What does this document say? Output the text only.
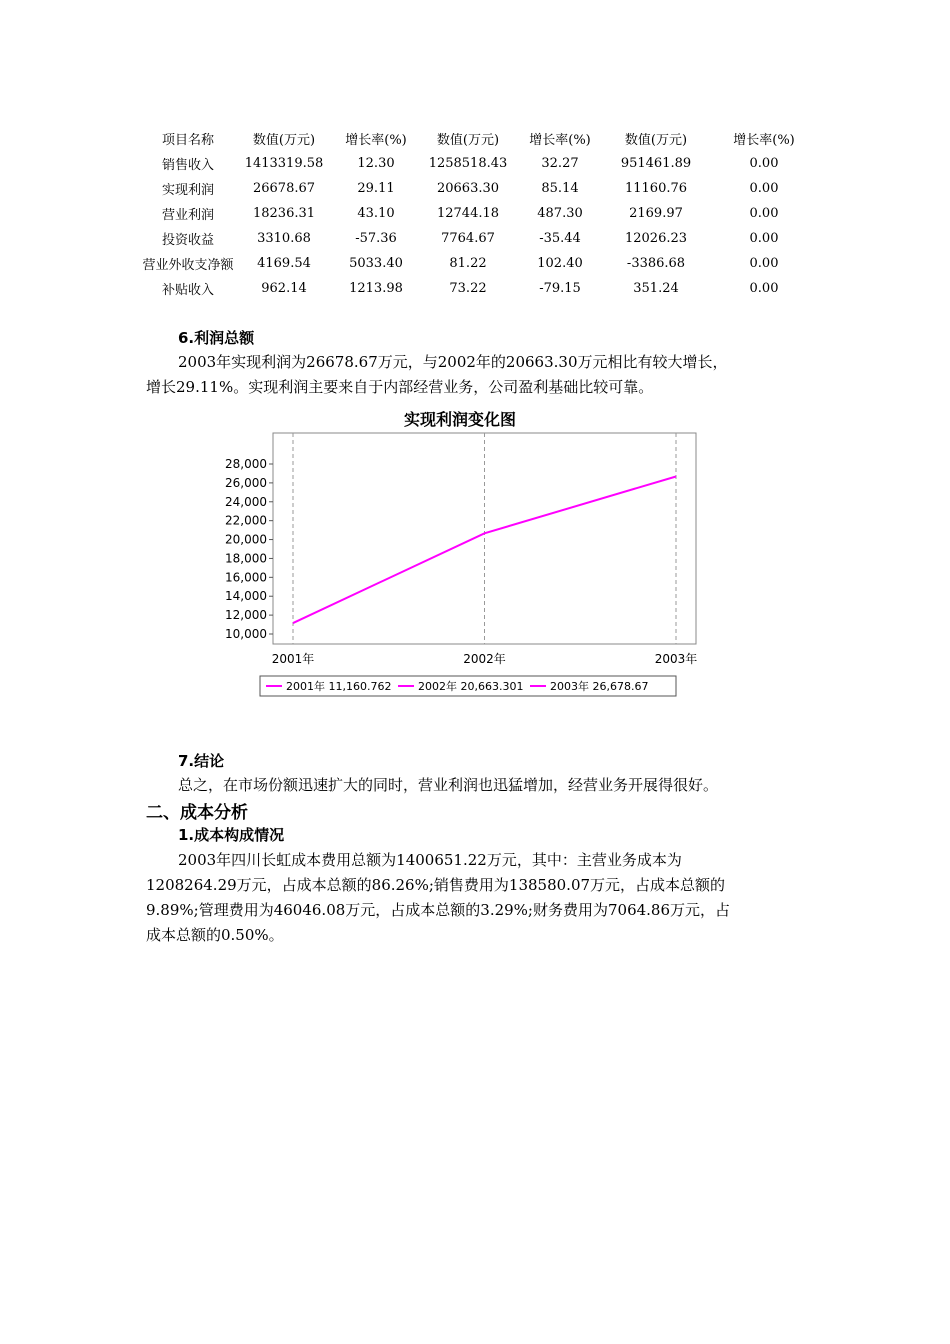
项目名称	数值(万元)	增长率(%)	数值(万元)	增长率(%)	数值(万元)	增长率(%)
销售收入	1413319.58	12.30	1258518.43	32.27	951461.89	0.00
实现利润	26678.67	29.11	20663.30	85.14	11160.76	0.00
营业利润	18236.31	43.10	12744.18	487.30	2169.97	0.00
投资收益	3310.68	-57.36	7764.67	-35.44	12026.23	0.00
营业外收支净额	4169.54	5033.40	81.22	102.40	-3386.68	0.00
补贴收入	962.14	1213.98	73.22	-79.15	351.24	0.00
6.利润总额
2003年实现利润为26678.67万元，与2002年的20663.30万元相比有较大增长，
增长29.11%。实现利润主要来自于内部经营业务，公司盈利基础比较可靠。
实现利润变化图
10,000
12,000
14,000
16,000
18,000
20,000
22,000
24,000
26,000
28,000
2001年	2002年	2003年
2001年 11,160.762 2002年 20,663.301 2003年 26,678.67
7.结论
总之，在市场份额迅速扩大的同时，营业利润也迅猛增加，经营业务开展得很好。
二、成本分析
1.成本构成情况
2003年四川长虹成本费用总额为1400651.22万元，其中：主营业务成本为
1208264.29万元，占成本总额的86.26%;销售费用为138580.07万元，占成本总额的
9.89%;管理费用为46046.08万元，占成本总额的3.29%;财务费用为7064.86万元，占
成本总额的0.50%。
